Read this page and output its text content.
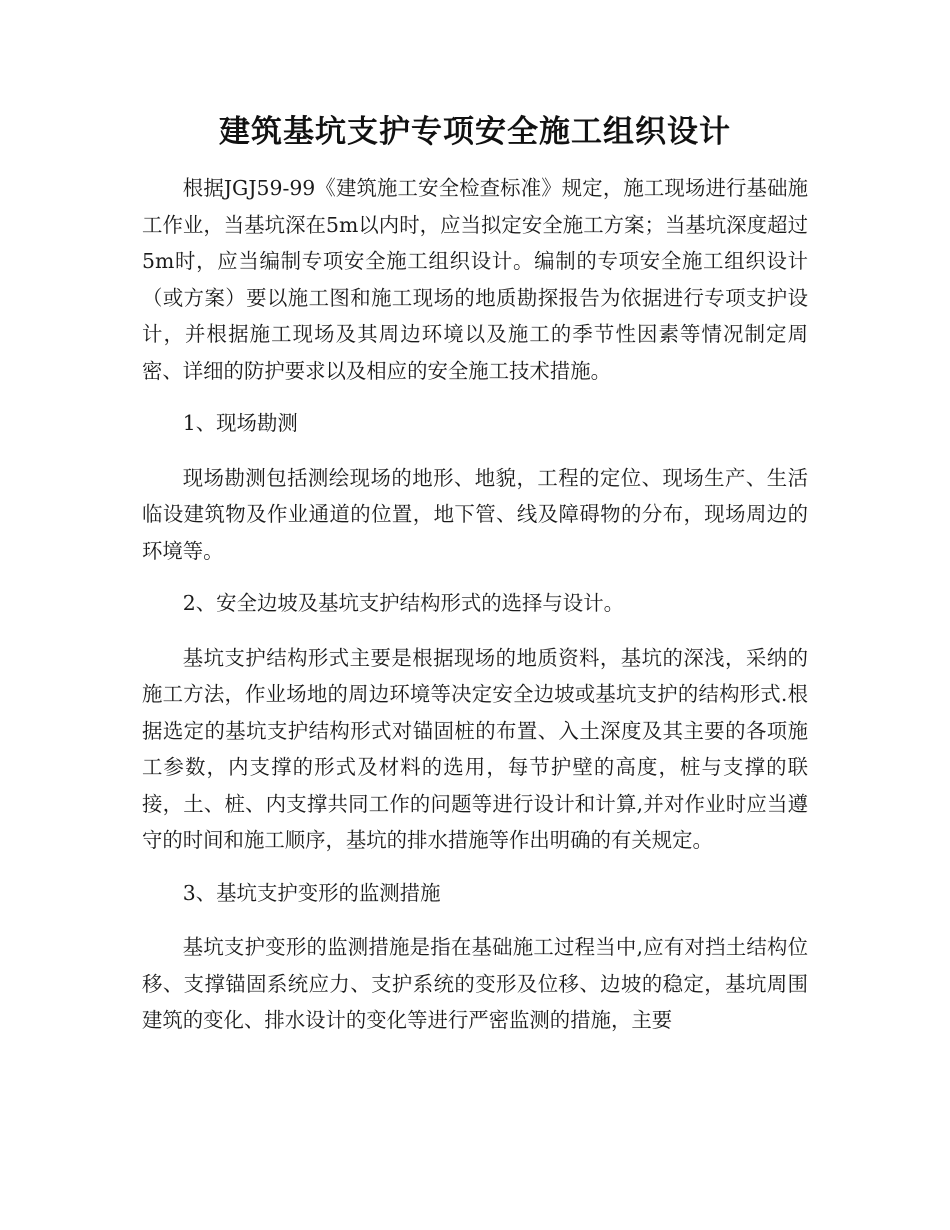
建筑基坑支护专项安全施工组织设计

根据JGJ59-99《建筑施工安全检查标准》规定，施工现场进行基础施工作业，当基坑深在5m以内时，应当拟定安全施工方案；当基坑深度超过5m时，应当编制专项安全施工组织设计。编制的专项安全施工组织设计（或方案）要以施工图和施工现场的地质勘探报告为依据进行专项支护设计，并根据施工现场及其周边环境以及施工的季节性因素等情况制定周密、详细的防护要求以及相应的安全施工技术措施。

1、现场勘测

现场勘测包括测绘现场的地形、地貌，工程的定位、现场生产、生活临设建筑物及作业通道的位置，地下管、线及障碍物的分布，现场周边的环境等。

2、安全边坡及基坑支护结构形式的选择与设计。

基坑支护结构形式主要是根据现场的地质资料，基坑的深浅，采纳的施工方法，作业场地的周边环境等决定安全边坡或基坑支护的结构形式.根据选定的基坑支护结构形式对锚固桩的布置、入土深度及其主要的各项施工参数，内支撑的形式及材料的选用，每节护壁的高度，桩与支撑的联接，土、桩、内支撑共同工作的问题等进行设计和计算,并对作业时应当遵守的时间和施工顺序，基坑的排水措施等作出明确的有关规定。

3、基坑支护变形的监测措施

基坑支护变形的监测措施是指在基础施工过程当中,应有对挡土结构位移、支撑锚固系统应力、支护系统的变形及位移、边坡的稳定，基坑周围建筑的变化、排水设计的变化等进行严密监测的措施，主要
